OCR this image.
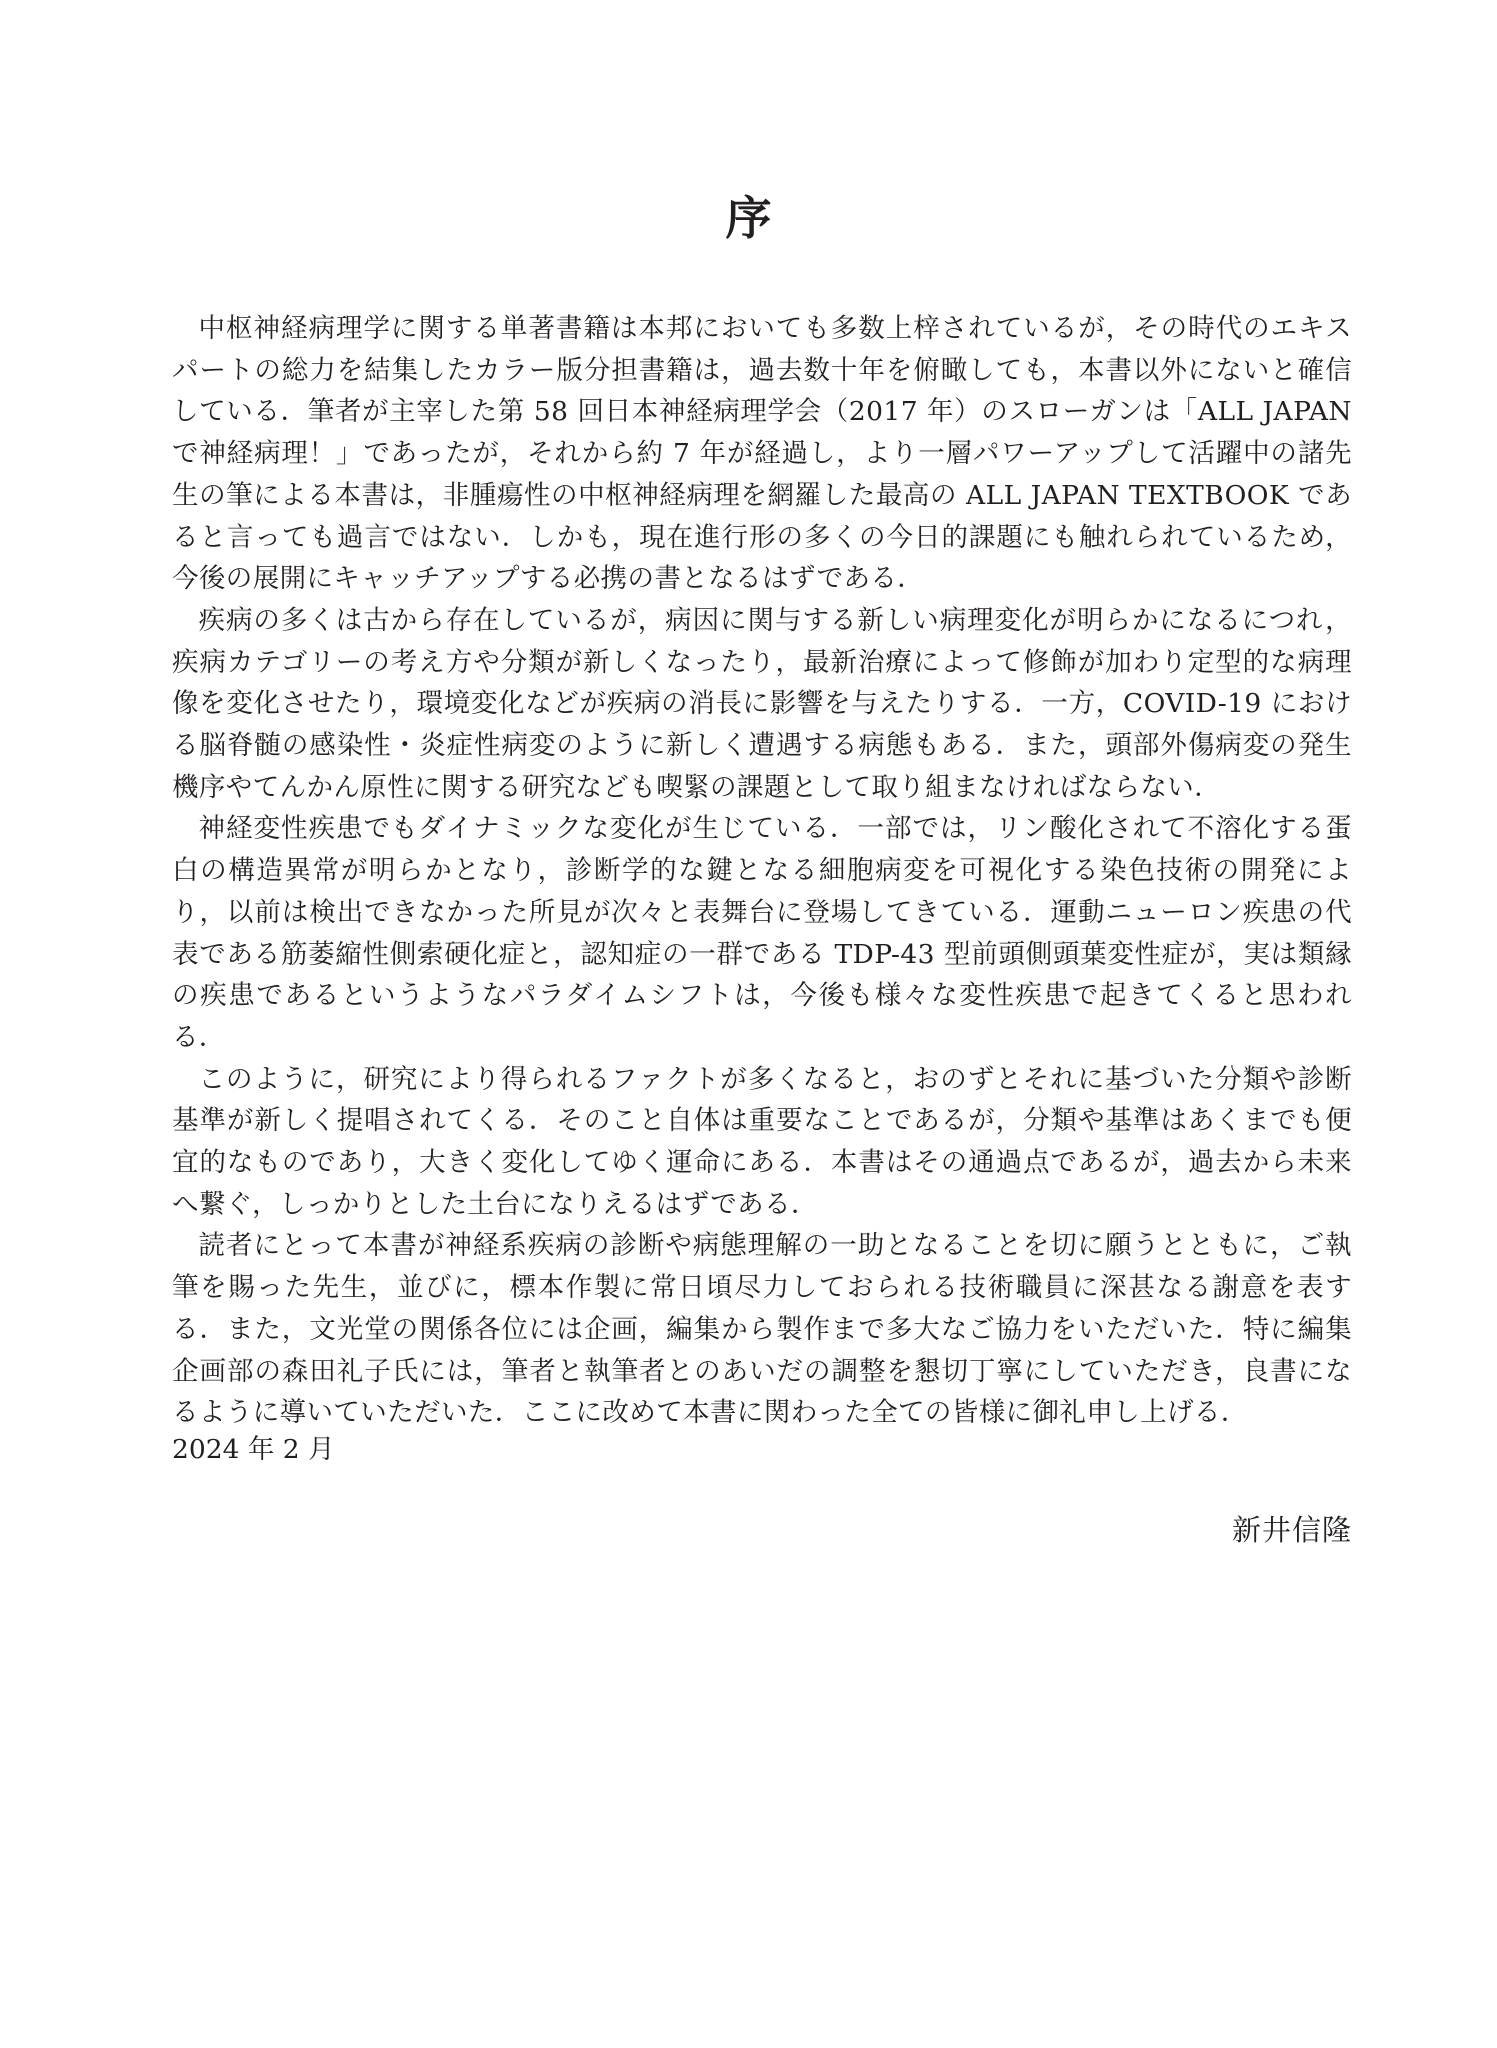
序

中枢神経病理学に関する単著書籍は本邦においても多数上梓されているが，その時代のエキスパートの総力を結集したカラー版分担書籍は，過去数十年を俯瞰しても，本書以外にないと確信している．筆者が主宰した第 58 回日本神経病理学会（2017 年）のスローガンは「ALL JAPAN で神経病理！」であったが，それから約 7 年が経過し，より一層パワーアップして活躍中の諸先生の筆による本書は，非腫瘍性の中枢神経病理を網羅した最高の ALL JAPAN TEXTBOOK であると言っても過言ではない．しかも，現在進行形の多くの今日的課題にも触れられているため，今後の展開にキャッチアップする必携の書となるはずである．

疾病の多くは古から存在しているが，病因に関与する新しい病理変化が明らかになるにつれ，疾病カテゴリーの考え方や分類が新しくなったり，最新治療によって修飾が加わり定型的な病理像を変化させたり，環境変化などが疾病の消長に影響を与えたりする．一方，COVID-19 における脳脊髄の感染性・炎症性病変のように新しく遭遇する病態もある．また，頭部外傷病変の発生機序やてんかん原性に関する研究なども喫緊の課題として取り組まなければならない．

神経変性疾患でもダイナミックな変化が生じている．一部では，リン酸化されて不溶化する蛋白の構造異常が明らかとなり，診断学的な鍵となる細胞病変を可視化する染色技術の開発により，以前は検出できなかった所見が次々と表舞台に登場してきている．運動ニューロン疾患の代表である筋萎縮性側索硬化症と，認知症の一群である TDP-43 型前頭側頭葉変性症が，実は類縁の疾患であるというようなパラダイムシフトは，今後も様々な変性疾患で起きてくると思われる．

このように，研究により得られるファクトが多くなると，おのずとそれに基づいた分類や診断基準が新しく提唱されてくる．そのこと自体は重要なことであるが，分類や基準はあくまでも便宜的なものであり，大きく変化してゆく運命にある．本書はその通過点であるが，過去から未来へ繋ぐ，しっかりとした土台になりえるはずである．

読者にとって本書が神経系疾病の診断や病態理解の一助となることを切に願うとともに，ご執筆を賜った先生，並びに，標本作製に常日頃尽力しておられる技術職員に深甚なる謝意を表する．また，文光堂の関係各位には企画，編集から製作まで多大なご協力をいただいた．特に編集企画部の森田礼子氏には，筆者と執筆者とのあいだの調整を懇切丁寧にしていただき，良書になるように導いていただいた．ここに改めて本書に関わった全ての皆様に御礼申し上げる．

2024 年 2 月

新井信隆
